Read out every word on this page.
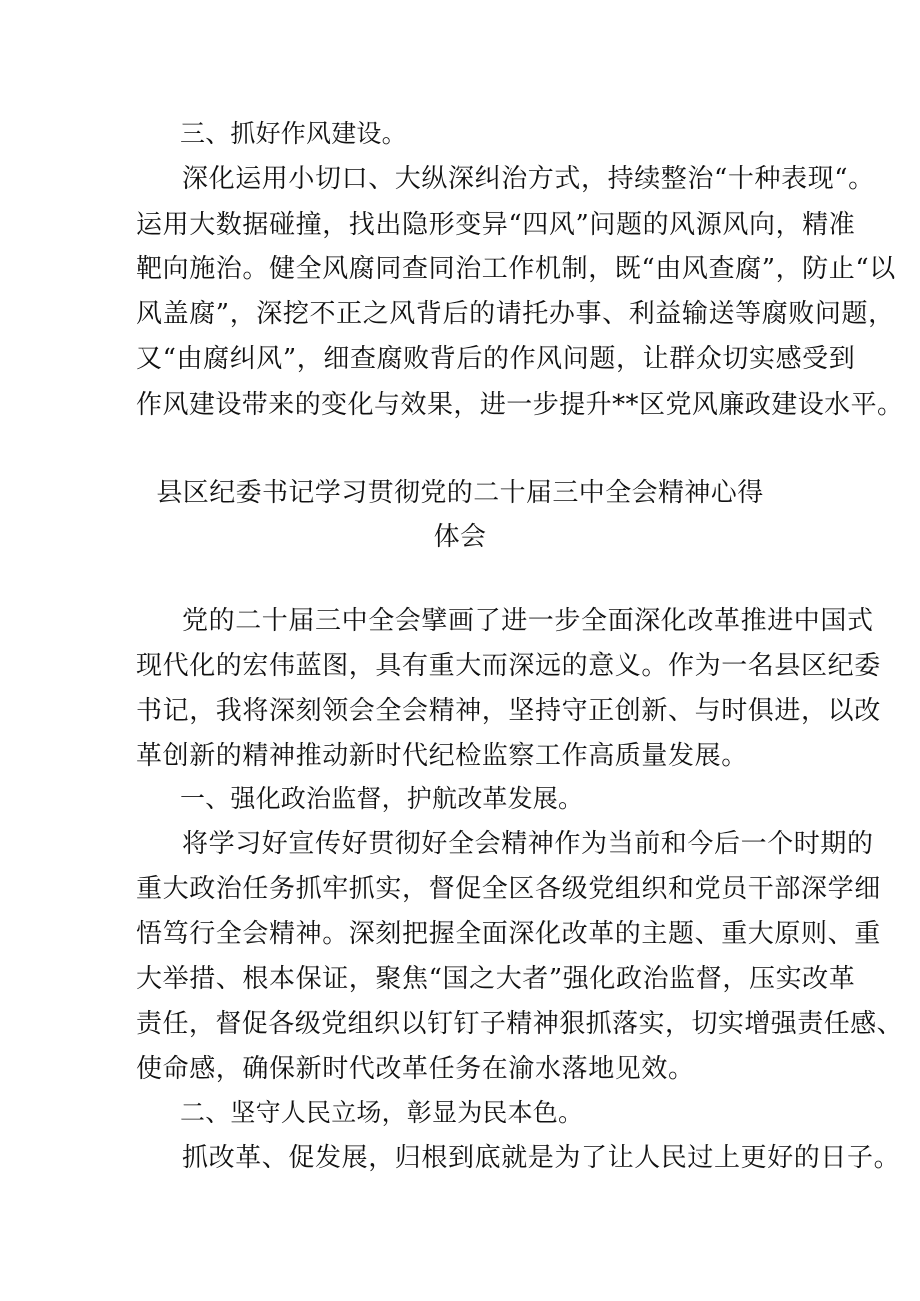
三、抓好作风建设。

深化运用小切口、大纵深纠治方式，持续整治“十种表现“。

运用大数据碰撞，找出隐形变异“四风”问题的风源风向，精准

靶向施治。健全风腐同查同治工作机制，既“由风查腐”，防止“以

风盖腐”，深挖不正之风背后的请托办事、利益输送等腐败问题，

又“由腐纠风”，细查腐败背后的作风问题，让群众切实感受到

作风建设带来的变化与效果，进一步提升**区党风廉政建设水平。

县区纪委书记学习贯彻党的二十届三中全会精神心得

体会

党的二十届三中全会擘画了进一步全面深化改革推进中国式

现代化的宏伟蓝图，具有重大而深远的意义。作为一名县区纪委

书记，我将深刻领会全会精神，坚持守正创新、与时俱进，以改

革创新的精神推动新时代纪检监察工作高质量发展。

一、强化政治监督，护航改革发展。

将学习好宣传好贯彻好全会精神作为当前和今后一个时期的

重大政治任务抓牢抓实，督促全区各级党组织和党员干部深学细

悟笃行全会精神。深刻把握全面深化改革的主题、重大原则、重

大举措、根本保证，聚焦“国之大者”强化政治监督，压实改革

责任，督促各级党组织以钉钉子精神狠抓落实，切实增强责任感、

使命感，确保新时代改革任务在渝水落地见效。

二、坚守人民立场，彰显为民本色。

抓改革、促发展，归根到底就是为了让人民过上更好的日子。
